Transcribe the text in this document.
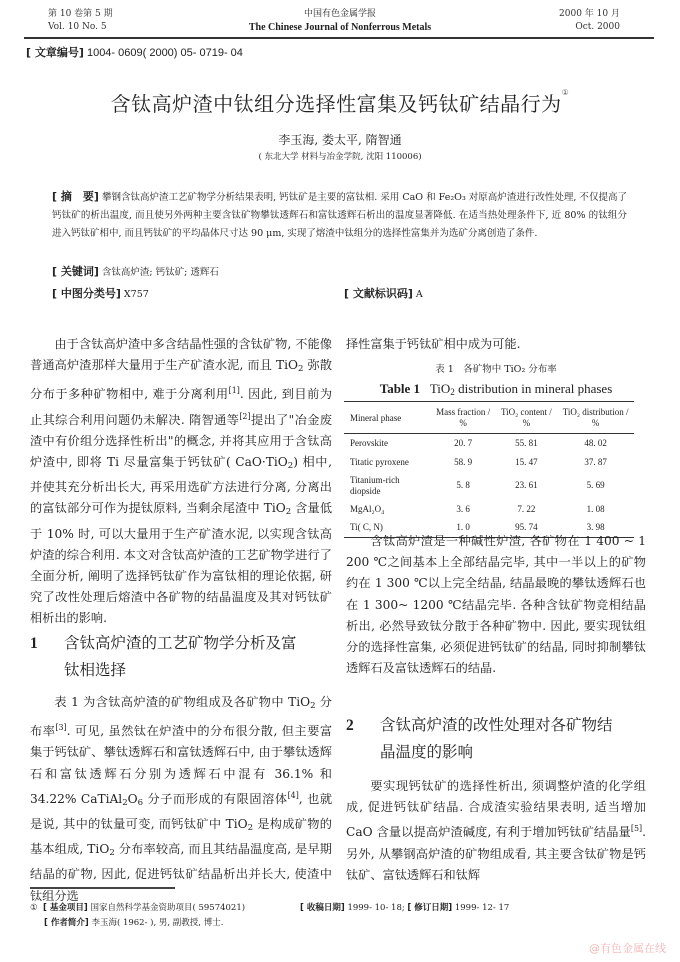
第 10 卷第 5 期
Vol. 10 No. 5
中国有色金属学报
The Chinese Journal of Nonferrous Metals
2000 年 10 月
Oct. 2000
[ 文章编号] 1004- 0609( 2000) 05- 0719- 04
含钛高炉渣中钛组分选择性富集及钙钛矿结晶行为①
李玉海, 娄太平, 隋智通
( 东北大学 材料与冶金学院, 沈阳 110006)
[ 摘　要] 攀钢含钛高炉渣工艺矿物学分析结果表明, 钙钛矿是主要的富钛相. 采用 CaO 和 Fe₂O₃ 对原高炉渣进行改性处理, 不仅提高了钙钛矿的析出温度, 而且使另外两种主要含钛矿物攀钛透辉石和富钛透辉石析出的温度显著降低. 在适当热处理条件下, 近 80% 的钛组分进入钙钛矿相中, 而且钙钛矿的平均晶体尺寸达 90 μm, 实现了熔渣中钛组分的选择性富集并为选矿分离创造了条件.
[ 关键词] 含钛高炉渣; 钙钛矿; 透辉石
[ 中图分类号] X757	[ 文献标识码] A

由于含钛高炉渣中多含结晶性强的含钛矿物, 不能像普通高炉渣那样大量用于生产矿渣水泥, 而且 TiO$_2$ 弥散分布于多种矿物相中, 难于分离利用[1]. 因此, 到目前为止其综合利用问题仍未解决. 隋智通等[2]提出了"冶金废渣中有价组分选择性析出"的概念, 并将其应用于含钛高炉渣中, 即将 Ti 尽量富集于钙钛矿( CaO·TiO$_2$) 相中, 并使其充分析出长大, 再采用选矿方法进行分离, 分离出的富钛部分可作为提钛原料, 当剩余尾渣中 TiO$_2$ 含量低于 10% 时, 可以大量用于生产矿渣水泥, 以实现含钛高炉渣的综合利用. 本文对含钛高炉渣的工艺矿物学进行了全面分析, 阐明了选择钙钛矿作为富钛相的理论依据, 研究了改性处理后熔渣中各矿物的结晶温度及其对钙钛矿相析出的影响.

1 含钛高炉渣的工艺矿物学分析及富
钛相选择

表 1 为含钛高炉渣的矿物组成及各矿物中 TiO$_2$ 分布率[3]. 可见, 虽然钛在炉渣中的分布很分散, 但主要富集于钙钛矿、攀钛透辉石和富钛透辉石中, 由于攀钛透辉石和富钛透辉石分别为透辉石中混有 36.1% 和 34.22% $CaTiAl_2O_6$ 分子而形成的有限固溶体[4], 也就是说, 其中的钛量可变, 而钙钛矿中 TiO$_2$ 是构成矿物的基本组成, TiO$_2$ 分布率较高, 而且其结晶温度高, 是早期结晶的矿物, 因此, 促进钙钛矿结晶析出并长大, 使渣中钛组分选

择性富集于钙钛矿相中成为可能.
表 1　各矿物中 TiO₂ 分布率
Table 1 TiO$_2$ distribution in mineral phases
Mineral phase	Mass fraction / %	TiO₂ content / %	TiO₂ distribution / %
Perovskite	20. 7	55. 81	48. 02
Titatic pyroxene	58. 9	15. 47	37. 87
Titanium-rich diopside	5. 8	23. 61	5. 69
MgAl₂O₄	3. 6	7. 22	1. 08
Ti( C, N)	1. 0	95. 74	3. 98

含钛高炉渣是一种碱性炉渣, 各矿物在 1 400 ~ 1 200 ℃之间基本上全部结晶完毕, 其中一半以上的矿物约在 1 300 ℃以上完全结晶, 结晶最晚的攀钛透辉石也在 1 300~ 1200 ℃结晶完毕. 各种含钛矿物竞相结晶析出, 必然导致钛分散于各种矿物中. 因此, 要实现钛组分的选择性富集, 必须促进钙钛矿的结晶, 同时抑制攀钛透辉石及富钛透辉石的结晶.

2 含钛高炉渣的改性处理对各矿物结
晶温度的影响

要实现钙钛矿的选择性析出, 须调整炉渣的化学组成, 促进钙钛矿结晶. 合成渣实验结果表明, 适当增加 CaO 含量以提高炉渣碱度, 有利于增加钙钛矿结晶量[5]. 另外, 从攀钢高炉渣的矿物组成看, 其主要含钛矿物是钙钛矿、富钛透辉石和钛辉

① [ 基金项目] 国家自然科学基金资助项目( 59574021)	[ 收稿日期] 1999- 10- 18; [ 修订日期] 1999- 12- 17
[ 作者简介] 李玉海( 1962- ), 男, 副教授, 博士.
@有色金属在线
